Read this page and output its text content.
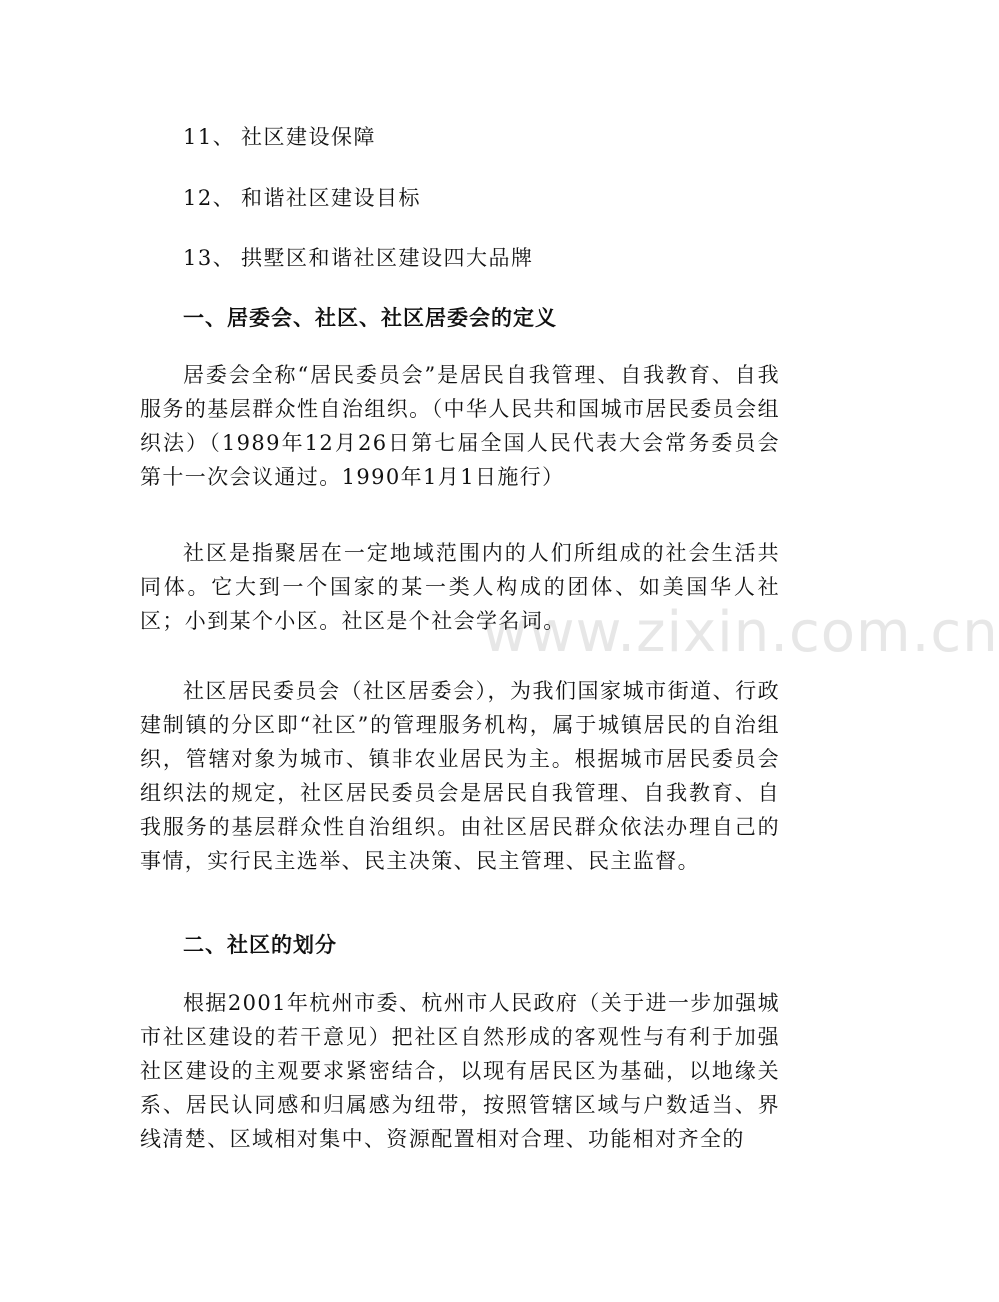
www.zixin.com.cn
11、 社区建设保障
12、 和谐社区建设目标
13、 拱墅区和谐社区建设四大品牌
一、居委会、社区、社区居委会的定义

居委会全称“居民委员会”是居民自我管理、自我教育、自我服务的基层群众性自治组织。（中华人民共和国城市居民委员会组织法）（1989年12月26日第七届全国人民代表大会常务委员会第十一次会议通过。1990年1月1日施行）

社区是指聚居在一定地域范围内的人们所组成的社会生活共同体。它大到一个国家的某一类人构成的团体、如美国华人社区；小到某个小区。社区是个社会学名词。

社区居民委员会（社区居委会），为我们国家城市街道、行政建制镇的分区即“社区”的管理服务机构，属于城镇居民的自治组织，管辖对象为城市、镇非农业居民为主。根据城市居民委员会组织法的规定，社区居民委员会是居民自我管理、自我教育、自我服务的基层群众性自治组织。由社区居民群众依法办理自己的事情，实行民主选举、民主决策、民主管理、民主监督。

二、社区的划分

根据2001年杭州市委、杭州市人民政府（关于进一步加强城市社区建设的若干意见）把社区自然形成的客观性与有利于加强社区建设的主观要求紧密结合，以现有居民区为基础，以地缘关系、居民认同感和归属感为纽带，按照管辖区域与户数适当、界线清楚、区域相对集中、资源配置相对合理、功能相对齐全的
